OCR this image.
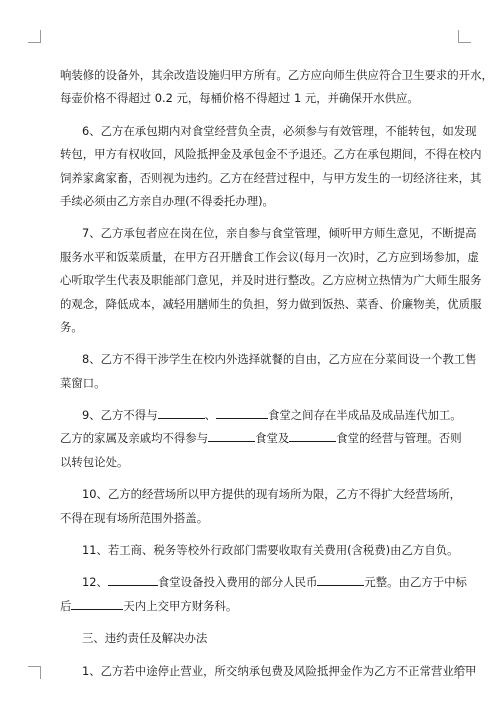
响装修的设备外，其余改造设施归甲方所有。乙方应向师生供应符合卫生要求的开水，
每壶价格不得超过 0.2 元，每桶价格不得超过 1 元，并确保开水供应。
6、乙方在承包期内对食堂经营负全责，必须参与有效管理，不能转包，如发现
转包，甲方有权收回，风险抵押金及承包金不予退还。乙方在承包期间，不得在校内
饲养家禽家畜，否则视为违约。乙方在经营过程中，与甲方发生的一切经济往来，其
手续必须由乙方亲自办理(不得委托办理)。
7、乙方承包者应在岗在位，亲自参与食堂管理，倾听甲方师生意见，不断提高
服务水平和饭菜质量，在甲方召开膳食工作会议(每月一次)时，乙方应到场参加，虚
心听取学生代表及职能部门意见，并及时进行整改。乙方应树立热情为广大师生服务
的观念，降低成本，减轻用膳师生的负担，努力做到饭热、菜香、价廉物美，优质服
务。
8、乙方不得干涉学生在校内外选择就餐的自由，乙方应在分菜间设一个教工售
菜窗口。
9、乙方不得与	、	食堂之间存在半成品及成品连代加工。
乙方的家属及亲戚均不得参与	食堂及	食堂的经营与管理。否则
以转包论处。
10、乙方的经营场所以甲方提供的现有场所为限，乙方不得扩大经营场所，
不得在现有场所范围外搭盖。
11、若工商、税务等校外行政部门需要收取有关费用(含税费)由乙方自负。
12、	食堂设备投入费用的部分人民币	元整。由乙方于中标
后	天内上交甲方财务科。
三、违约责任及解决办法
1、乙方若中途停止营业，所交纳承包费及风险抵押金作为乙方不正常营业给甲
